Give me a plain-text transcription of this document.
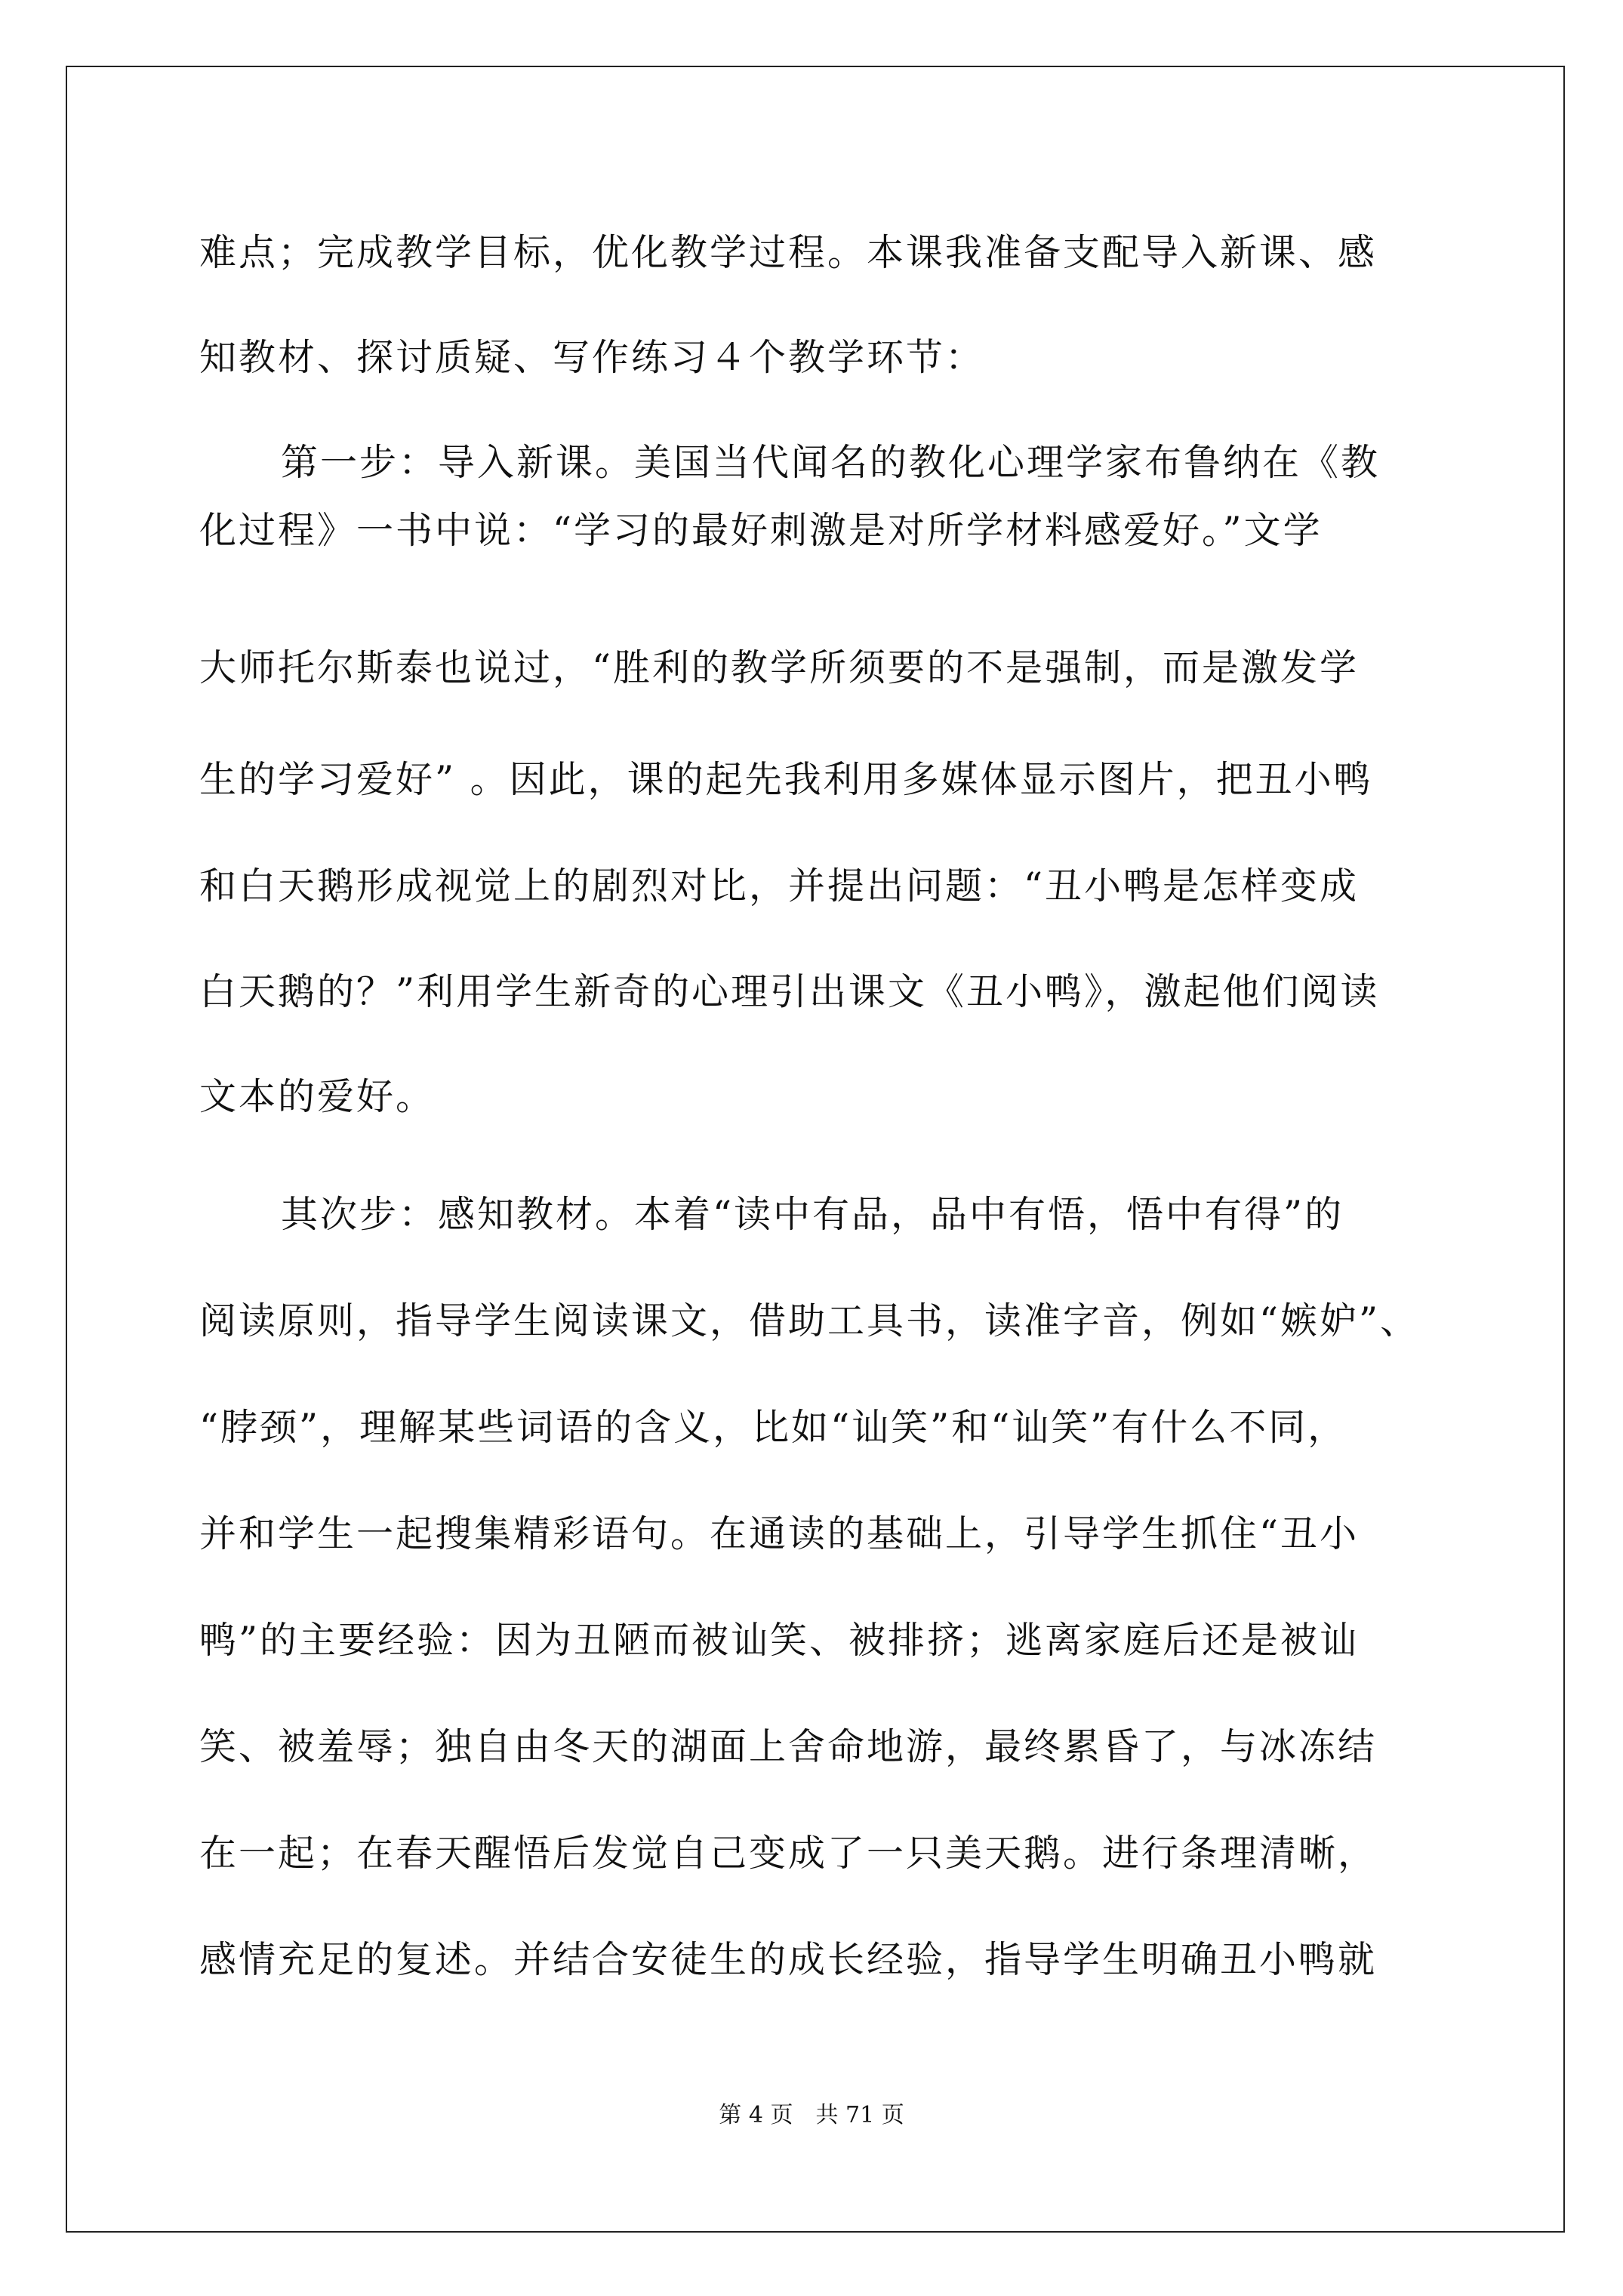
难点；完成教学目标，优化教学过程。本课我准备支配导入新课、感
知教材、探讨质疑、写作练习４个教学环节：
第一步：导入新课。美国当代闻名的教化心理学家布鲁纳在《教
化过程》一书中说：“学习的最好刺激是对所学材料感爱好。”文学
大师托尔斯泰也说过，“胜利的教学所须要的不是强制，而是激发学
生的学习爱好” 。因此，课的起先我利用多媒体显示图片，把丑小鸭
和白天鹅形成视觉上的剧烈对比，并提出问题：“丑小鸭是怎样变成
白天鹅的？”利用学生新奇的心理引出课文《丑小鸭》，激起他们阅读
文本的爱好。
其次步：感知教材。本着“读中有品，品中有悟，悟中有得”的
阅读原则，指导学生阅读课文，借助工具书，读准字音，例如“嫉妒”、
“脖颈”，理解某些词语的含义，比如“讪笑”和“讪笑”有什么不同，
并和学生一起搜集精彩语句。在通读的基础上，引导学生抓住“丑小
鸭”的主要经验：因为丑陋而被讪笑、被排挤；逃离家庭后还是被讪
笑、被羞辱；独自由冬天的湖面上舍命地游，最终累昏了，与冰冻结
在一起；在春天醒悟后发觉自己变成了一只美天鹅。进行条理清晰，
感情充足的复述。并结合安徒生的成长经验，指导学生明确丑小鸭就
第 4 页　共 71 页
